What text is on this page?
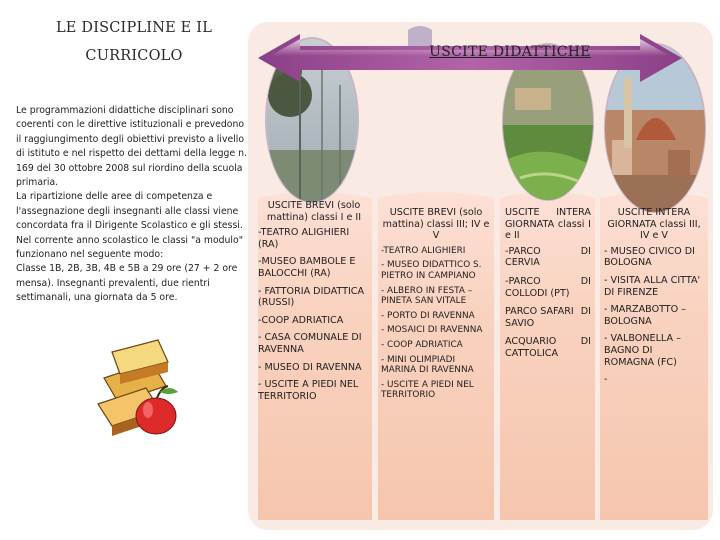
LE DISCIPLINE E IL
CURRICOLO

Le programmazioni didattiche disciplinari sono coerenti con le direttive istituzionali e prevedono il raggiungimento degli obiettivi previsto a livello di istituto e nel rispetto dei dettami della legge n. 169 del 30 ottobre 2008 sul riordino della scuola primaria.
La ripartizione delle aree di competenza e l'assegnazione degli insegnanti alle classi viene concordata fra il Dirigente Scolastico e gli stessi. Nel corrente anno scolastico le classi "a modulo" funzionano nel seguente modo:
Classe 1B, 2B, 3B, 4B e 5B a 29 ore (27 + 2 ore mensa). Insegnanti prevalenti, due rientri settimanali, una giornata da 5 ore.

USCITE DIDATTICHE
USCITE BREVI (solo mattina) classi I e II
-TEATRO ALIGHIERI (RA)
-MUSEO BAMBOLE E BALOCCHI (RA)
- FATTORIA DIDATTICA (RUSSI)
-COOP ADRIATICA
- CASA COMUNALE DI RAVENNA
- MUSEO DI RAVENNA
- USCITE A PIEDI NEL TERRITORIO
USCITE BREVI (solo mattina) classi III; IV e V
-TEATRO ALIGHIERI
- MUSEO DIDATTICO S. PIETRO IN CAMPIANO
- ALBERO IN FESTA – PINETA SAN VITALE
- PORTO DI RAVENNA
- MOSAICI DI RAVENNA
- COOP ADRIATICA
- MINI OLIMPIADI MARINA DI RAVENNA
- USCITE A PIEDI NEL TERRITORIO
USCITE INTERA GIORNATA classi I e II
-PARCO	DI
CERVIA
-PARCO	DI
COLLODI (PT)
PARCO SAFARI DI
SAVIO
ACQUARIO	DI
CATTOLICA
USCITE INTERA GIORNATA classi III, IV e V
- MUSEO CIVICO DI BOLOGNA
- VISITA ALLA CITTA' DI FIRENZE
- MARZABOTTO – BOLOGNA
- VALBONELLA – BAGNO DI ROMAGNA (FC)
-
